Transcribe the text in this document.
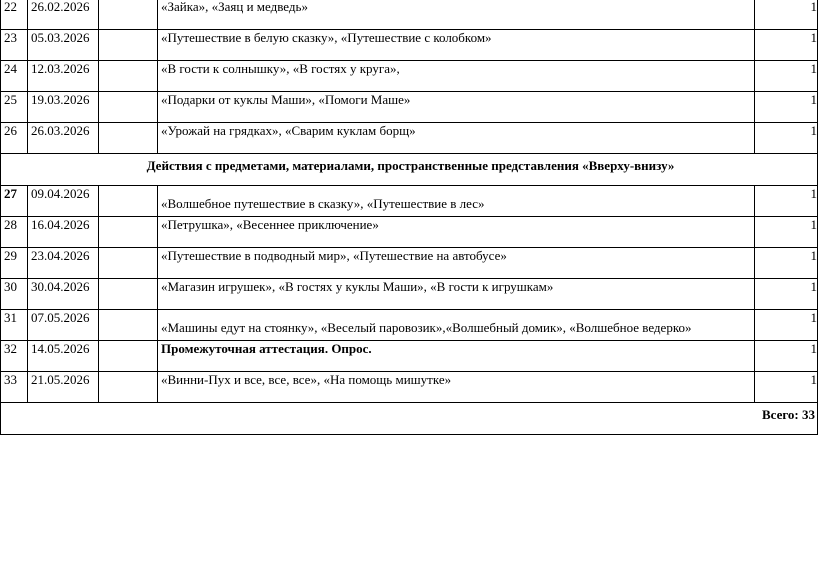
22	26.02.2026		«Зайка», «Заяц и медведь»	1
23	05.03.2026		«Путешествие в белую сказку», «Путешествие с колобком»	1
24	12.03.2026		«В гости к солнышку», «В гостях у круга»,	1
25	19.03.2026		«Подарки от куклы Маши», «Помоги Маше»	1
26	26.03.2026		«Урожай на грядках», «Сварим куклам борщ»	1
Действия с предметами, материалами, пространственные представления «Вверху-внизу»				
27	09.04.2026		«Волшебное путешествие в сказку», «Путешествие в лес»	1
28	16.04.2026		«Петрушка», «Весеннее приключение»	1
29	23.04.2026		«Путешествие в подводный мир», «Путешествие на автобусе»	1
30	30.04.2026		«Магазин игрушек», «В гостях у куклы Маши», «В гости к игрушкам»	1
31	07.05.2026		«Машины едут на стоянку», «Веселый паровозик»,«Волшебный домик», «Волшебное ведерко»	1
32	14.05.2026		Промежуточная аттестация. Опрос.	1
33	21.05.2026		«Винни-Пух и все, все, все», «На помощь мишутке»	1
Всего: 33				
